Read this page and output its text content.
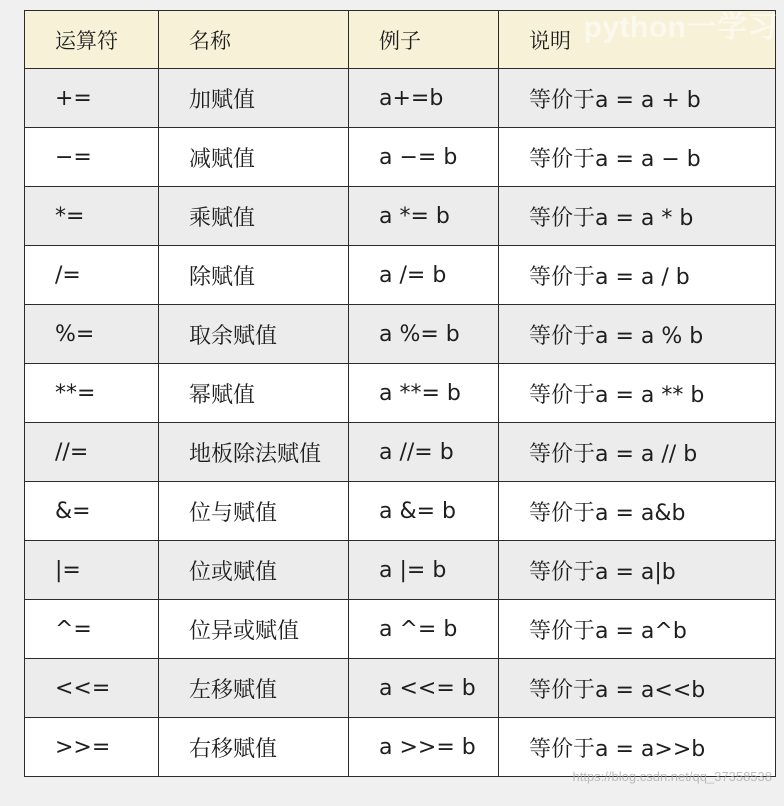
运算符	名称	例子	说明
+=	加赋值	a+=b	等价于a = a + b
−=	减赋值	a −= b	等价于a = a − b
*=	乘赋值	a *= b	等价于a = a * b
/=	除赋值	a /= b	等价于a = a / b
%=	取余赋值	a %= b	等价于a = a % b
**=	幂赋值	a **= b	等价于a = a ** b
//=	地板除法赋值	a //= b	等价于a = a // b
&=	位与赋值	a &= b	等价于a = a&b
|=	位或赋值	a |= b	等价于a = a|b
^=	位异或赋值	a ^= b	等价于a = a^b
<<=	左移赋值	a <<= b	等价于a = a<<b
>>=	右移赋值	a >>= b	等价于a = a>>b
python一学习
https://blog.csdn.net/qq_37358538
